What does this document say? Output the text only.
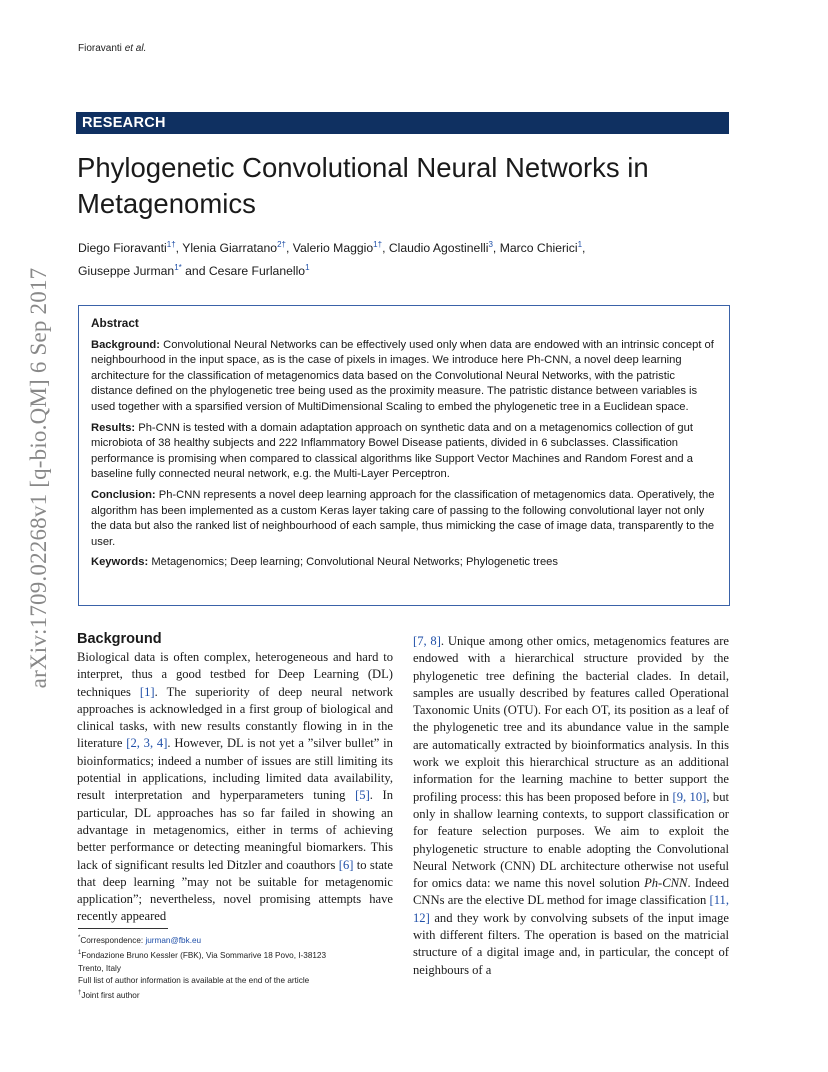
Fioravanti et al.
arXiv:1709.02268v1 [q-bio.QM] 6 Sep 2017
RESEARCH
Phylogenetic Convolutional Neural Networks in Metagenomics
Diego Fioravanti$^{1\dagger}$, Ylenia Giarratano$^{2\dagger}$, Valerio Maggio$^{1\dagger}$, Claudio Agostinelli$^3$, Marco Chierici$^1$,
Giuseppe Jurman$^{1*}$ and Cesare Furlanello$^1$
Abstract

Background: Convolutional Neural Networks can be effectively used only when data are endowed with an intrinsic concept of neighbourhood in the input space, as is the case of pixels in images. We introduce here Ph-CNN, a novel deep learning architecture for the classification of metagenomics data based on the Convolutional Neural Networks, with the patristic distance defined on the phylogenetic tree being used as the proximity measure. The patristic distance between variables is used together with a sparsified version of MultiDimensional Scaling to embed the phylogenetic tree in a Euclidean space.

Results: Ph-CNN is tested with a domain adaptation approach on synthetic data and on a metagenomics collection of gut microbiota of 38 healthy subjects and 222 Inflammatory Bowel Disease patients, divided in 6 subclasses. Classification performance is promising when compared to classical algorithms like Support Vector Machines and Random Forest and a baseline fully connected neural network, e.g. the Multi-Layer Perceptron.

Conclusion: Ph-CNN represents a novel deep learning approach for the classification of metagenomics data. Operatively, the algorithm has been implemented as a custom Keras layer taking care of passing to the following convolutional layer not only the data but also the ranked list of neighbourhood of each sample, thus mimicking the case of image data, transparently to the user.

Keywords: Metagenomics; Deep learning; Convolutional Neural Networks; Phylogenetic trees

Background

Biological data is often complex, heterogeneous and hard to interpret, thus a good testbed for Deep Learning (DL) techniques [1]. The superiority of deep neural network approaches is acknowledged in a first group of biological and clinical tasks, with new results constantly flowing in in the literature [2, 3, 4]. However, DL is not yet a ”silver bullet” in bioinformatics; indeed a number of issues are still limiting its potential in applications, including limited data availability, result interpretation and hyperparameters tuning [5]. In particular, DL approaches has so far failed in showing an advantage in metagenomics, either in terms of achieving better performance or detecting meaningful biomarkers. This lack of significant results led Ditzler and coauthors [6] to state that deep learning ”may not be suitable for metagenomic application”; nevertheless, novel promising attempts have recently appeared

[7, 8]. Unique among other omics, metagenomics features are endowed with a hierarchical structure provided by the phylogenetic tree defining the bacterial clades. In detail, samples are usually described by features called Operational Taxonomic Units (OTU). For each OT, its position as a leaf of the phylogenetic tree and its abundance value in the sample are automatically extracted by bioinformatics analysis. In this work we exploit this hierarchical structure as an additional information for the learning machine to better support the profiling process: this has been proposed before in [9, 10], but only in shallow learning contexts, to support classification or for feature selection purposes. We aim to exploit the phylogenetic structure to enable adopting the Convolutional Neural Network (CNN) DL architecture otherwise not useful for omics data: we name this novel solution Ph-CNN. Indeed CNNs are the elective DL method for image classification [11, 12] and they work by convolving subsets of the input image with different filters. The operation is based on the matricial structure of a digital image and, in particular, the concept of neighbours of a

*Correspondence: jurman@fbk.eu
$^1$Fondazione Bruno Kessler (FBK), Via Sommarive 18 Povo, I-38123
Trento, Italy
Full list of author information is available at the end of the article
†Joint first author
